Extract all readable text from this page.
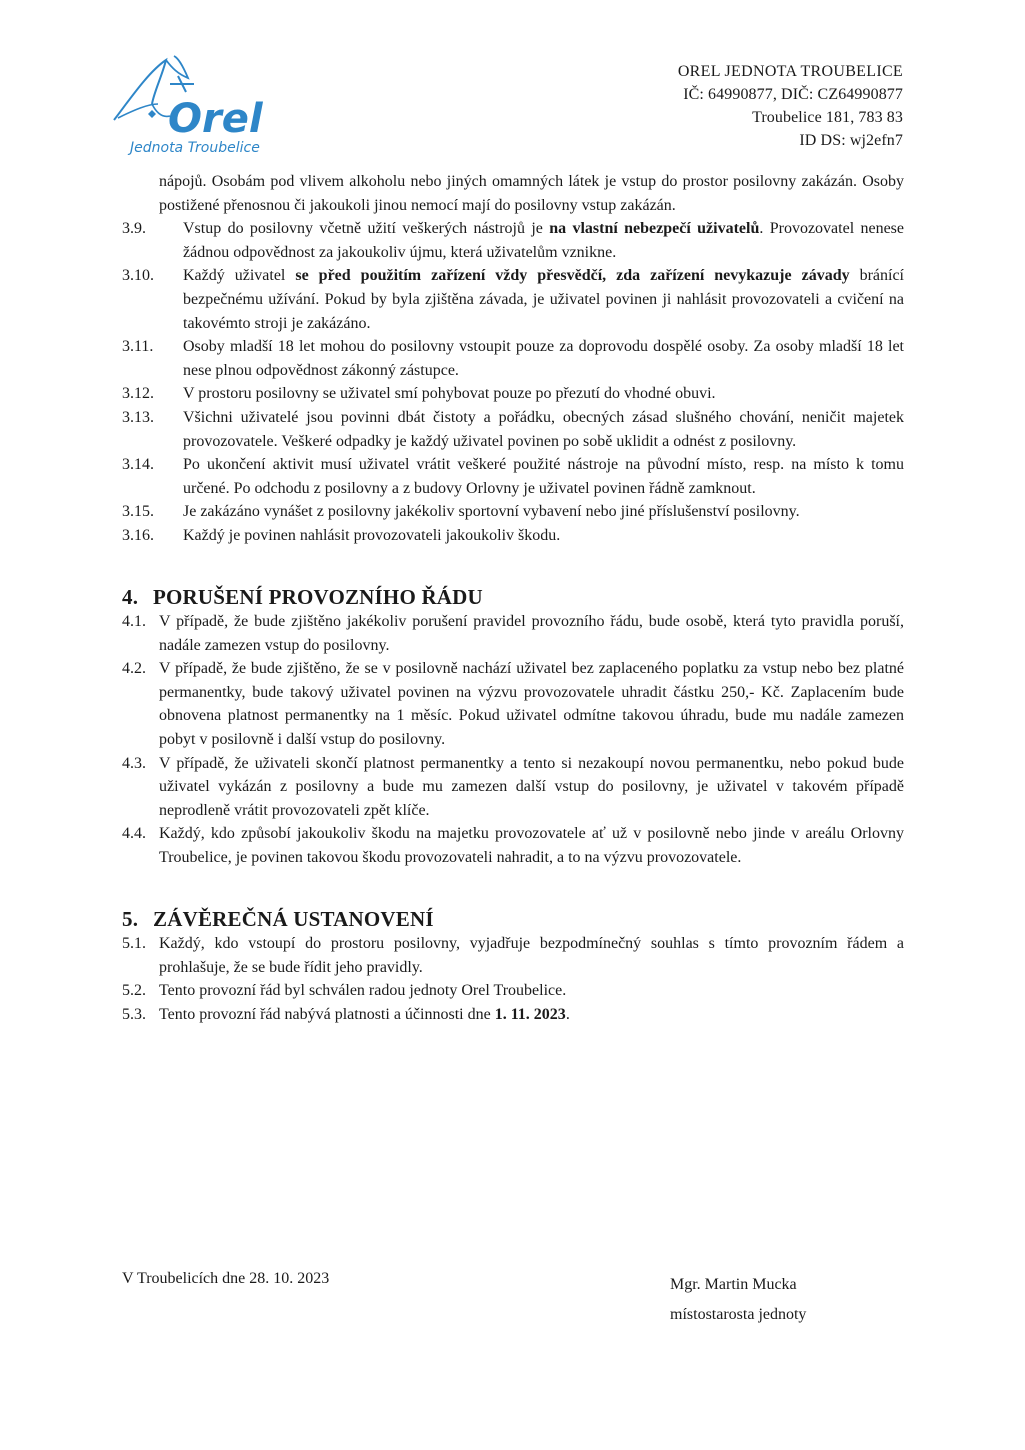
Orel
Jednota Troubelice
OREL JEDNOTA TROUBELICE
IČ: 64990877, DIČ: CZ64990877
Troubelice 181, 783 83
ID DS: wj2efn7
nápojů. Osobám pod vlivem alkoholu nebo jiných omamných látek je vstup do prostor posilovny zakázán. Osoby postižené přenosnou či jakoukoli jinou nemocí mají do posilovny vstup zakázán.
3.9.	Vstup do posilovny včetně užití veškerých nástrojů je na vlastní nebezpečí uživatelů. Provozovatel nenese žádnou odpovědnost za jakoukoliv újmu, která uživatelům vznikne.
3.10.	Každý uživatel se před použitím zařízení vždy přesvědčí, zda zařízení nevykazuje závady bránící bezpečnému užívání. Pokud by byla zjištěna závada, je uživatel povinen ji nahlásit provozovateli a cvičení na takovémto stroji je zakázáno.
3.11.	Osoby mladší 18 let mohou do posilovny vstoupit pouze za doprovodu dospělé osoby. Za osoby mladší 18 let nese plnou odpovědnost zákonný zástupce.
3.12.	V prostoru posilovny se uživatel smí pohybovat pouze po přezutí do vhodné obuvi.
3.13.	Všichni uživatelé jsou povinni dbát čistoty a pořádku, obecných zásad slušného chování, neničit majetek provozovatele. Veškeré odpadky je každý uživatel povinen po sobě uklidit a odnést z posilovny.
3.14.	Po ukončení aktivit musí uživatel vrátit veškeré použité nástroje na původní místo, resp. na místo k tomu určené. Po odchodu z posilovny a z budovy Orlovny je uživatel povinen řádně zamknout.
3.15.	Je zakázáno vynášet z posilovny jakékoliv sportovní vybavení nebo jiné příslušenství posilovny.
3.16.	Každý je povinen nahlásit provozovateli jakoukoliv škodu.
4. PORUŠENÍ PROVOZNÍHO ŘÁDU
4.1. V případě, že bude zjištěno jakékoliv porušení pravidel provozního řádu, bude osobě, která tyto pravidla poruší, nadále zamezen vstup do posilovny.
4.2. V případě, že bude zjištěno, že se v posilovně nachází uživatel bez zaplaceného poplatku za vstup nebo bez platné permanentky, bude takový uživatel povinen na výzvu provozovatele uhradit částku 250,- Kč. Zaplacením bude obnovena platnost permanentky na 1 měsíc. Pokud uživatel odmítne takovou úhradu, bude mu nadále zamezen pobyt v posilovně i další vstup do posilovny.
4.3. V případě, že uživateli skončí platnost permanentky a tento si nezakoupí novou permanentku, nebo pokud bude uživatel vykázán z posilovny a bude mu zamezen další vstup do posilovny, je uživatel v takovém případě neprodleně vrátit provozovateli zpět klíče.
4.4. Každý, kdo způsobí jakoukoliv škodu na majetku provozovatele ať už v posilovně nebo jinde v areálu Orlovny Troubelice, je povinen takovou škodu provozovateli nahradit, a to na výzvu provozovatele.
5. ZÁVĚREČNÁ USTANOVENÍ
5.1. Každý, kdo vstoupí do prostoru posilovny, vyjadřuje bezpodmínečný souhlas s tímto provozním řádem a prohlašuje, že se bude řídit jeho pravidly.
5.2. Tento provozní řád byl schválen radou jednoty Orel Troubelice.
5.3. Tento provozní řád nabývá platnosti a účinnosti dne 1. 11. 2023.
V Troubelicích dne 28. 10. 2023	Mgr. Martin Mucka
místostarosta jednoty
